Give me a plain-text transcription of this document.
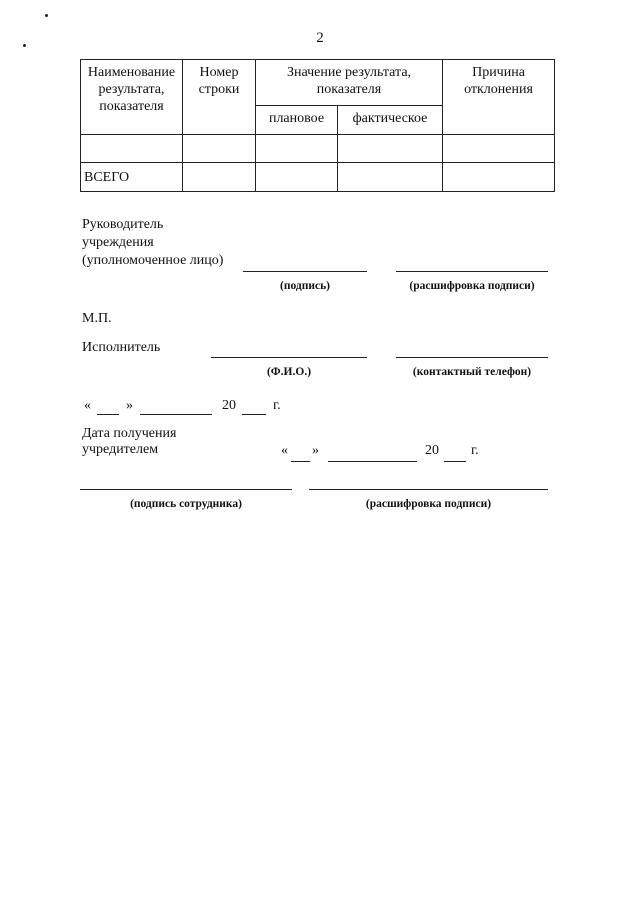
2
Наименование результата, показателя	Номер строки	Значение результата, показателя		Причина отклонения
		плановое	фактическое	

ВСЕГО				
Руководитель
учреждения
(уполномоченное лицо)
(подпись)	(расшифровка подписи)
М.П.
Исполнитель
(Ф.И.О.)	(контактный телефон)
«	»	20	г.
Дата получения
учредителем	« »	20 г.
(подпись сотрудника)	(расшифровка подписи)
